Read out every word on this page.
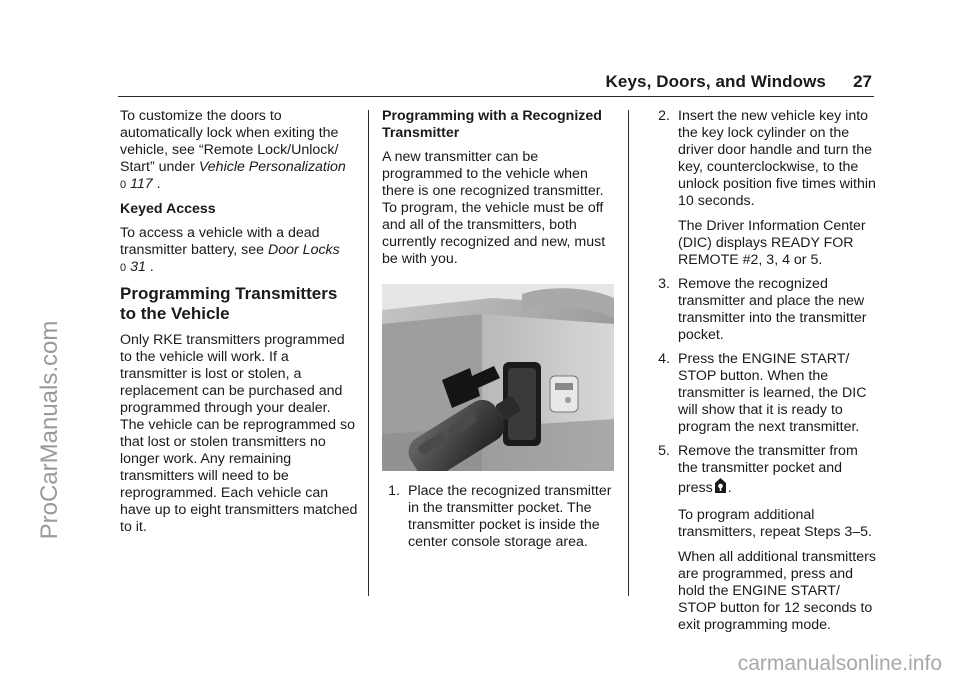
Keys, Doors, and Windows 27
ProCarManuals.com
carmanualsonline.info

To customize the doors to automatically lock when exiting the vehicle, see “Remote Lock/Unlock/ Start” under Vehicle Personalization
0 117 .

Keyed Access

To access a vehicle with a dead transmitter battery, see Door Locks
0 31 .

Programming Transmitters to the Vehicle

Only RKE transmitters programmed to the vehicle will work. If a transmitter is lost or stolen, a replacement can be purchased and programmed through your dealer. The vehicle can be reprogrammed so that lost or stolen transmitters no longer work. Any remaining transmitters will need to be reprogrammed. Each vehicle can have up to eight transmitters matched to it.

Programming with a Recognized Transmitter

A new transmitter can be programmed to the vehicle when there is one recognized transmitter. To program, the vehicle must be off and all of the transmitters, both currently recognized and new, must be with you.

1. Place the recognized transmitter in the transmitter pocket. The transmitter pocket is inside the center console storage area.
2. Insert the new vehicle key into the key lock cylinder on the driver door handle and turn the key, counterclockwise, to the unlock position five times within 10 seconds.
The Driver Information Center (DIC) displays READY FOR REMOTE #2, 3, 4 or 5.
3. Remove the recognized transmitter and place the new transmitter into the transmitter pocket.
4. Press the ENGINE START/ STOP button. When the transmitter is learned, the DIC will show that it is ready to program the next transmitter.
5. Remove the transmitter from the transmitter pocket and press .
To program additional transmitters, repeat Steps 3–5.
When all additional transmitters are programmed, press and hold the ENGINE START/ STOP button for 12 seconds to exit programming mode.
